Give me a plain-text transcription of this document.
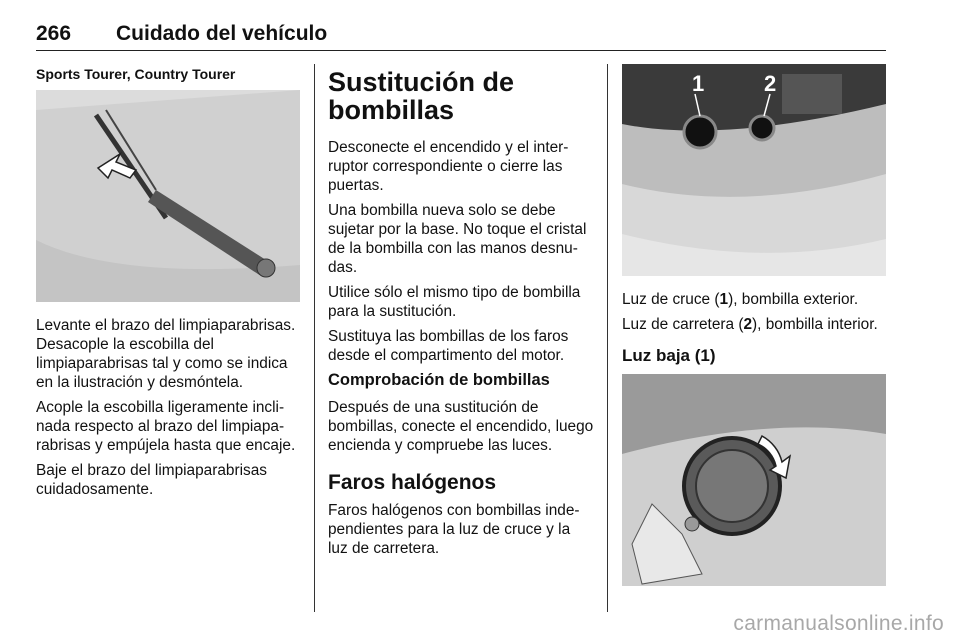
266 Cuidado del vehículo
Sports Tourer, Country Tourer

Levante el brazo del limpiaparabrisas. Desacople la escobilla del limpiaparabrisas tal y como se indica en la ilustración y desmóntela.

Acople la escobilla ligeramente inclinada respecto al brazo del limpiaparabrisas y empújela hasta que encaje.

Baje el brazo del limpiaparabrisas cuidadosamente.

Sustitución de bombillas

Desconecte el encendido y el interruptor correspondiente o cierre las puertas.

Una bombilla nueva solo se debe sujetar por la base. No toque el cristal de la bombilla con las manos desnudas.

Utilice sólo el mismo tipo de bombilla para la sustitución.

Sustituya las bombillas de los faros desde el compartimento del motor.

Comprobación de bombillas

Después de una sustitución de bombillas, conecte el encendido, luego encienda y compruebe las luces.

Faros halógenos

Faros halógenos con bombillas independientes para la luz de cruce y la luz de carretera.

1	2

Luz de cruce (1), bombilla exterior.

Luz de carretera (2), bombilla interior.

Luz baja (1)
carmanualsonline.info
